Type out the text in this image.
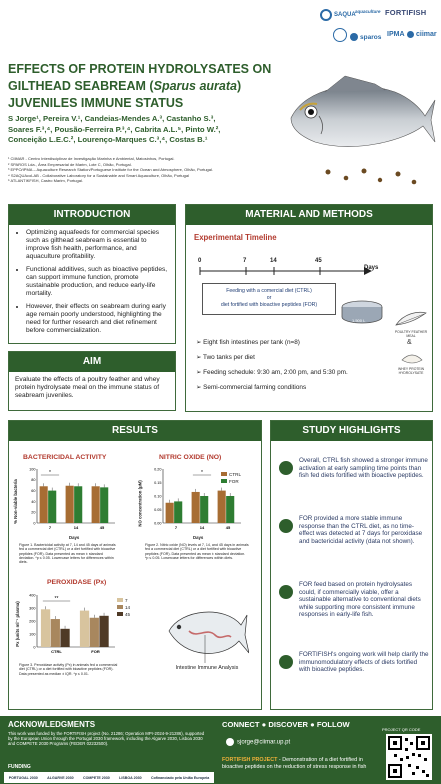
SAQUA
aquaculture FORTIFISH
sparos IPMA ciimar
EFFECTS OF PROTEIN HYDROLYSATES ON
GILTHEAD SEABREAM (Sparus aurata)
JUVENILES IMMUNE STATUS
S Jorge¹, Pereira V.¹, Candeias-Mendes A.³, Castanho S.³,
Soares F.³,⁴, Pousão-Ferreira P.³,⁴, Cabrita A.L.⁵, Pinto W.²,
Conceição L.E.C.², Lourenço-Marques C.³,⁴, Costas B.¹
¹ CIIMAR - Centro Interdisciplinar de Investigação Marinha e Ambiental, Matosinhos, Portugal.
² SPAROS Lda., Área Empresarial de Marim, Lote C, Olhão, Portugal.
³ EPPO/IPMA – Aquaculture Research Station/Portuguese Institute for the Ocean and Atmosphere, Olhão, Portugal.
⁴ S2AQUAcoLAB - Collaborative Laboratory for a Sustainable and Smart Aquaculture, Olhão, Portugal
⁵ ATLANTIKFISH, Castro Marim, Portugal.
INTRODUCTION
• Optimizing aquafeeds for commercial species such as gilthead seabream is essential to improve fish health, performance, and aquaculture profitability.
• Functional additives, such as bioactive peptides, can support immune function, promote sustainable production, and reduce early-life mortality.
• However, their effects on seabream during early age remain poorly understood, highlighting the need for further research and diet refinement before commercialization.
AIM
Evaluate the effects of a poultry feather and whey protein hydrolysate meal on the immune status of seabream juveniles.
MATERIAL AND METHODS
Experimental Timeline
0	7	14	45
Days
Feeding with a comercial diet (CTRL)
or
diet fortified with bioactive peptides (FOR)
1,500 L
POULTRY FEATHER MEAL
&
WHEY PROTEIN HYDROLYSATE
➢ Eight fish intestines per tank (n=8)
➢ Two tanks per diet
➢ Feeding schedule: 9:30 am, 2:00 pm, and 5:30 pm.
➢ Semi-commercial farming conditions
RESULTS
BACTERICIDAL ACTIVITY
% Non-viable bacteria
100
80
60
40
20
0
7	14	45
*
Days
Figure 1. Bactericidal activity at 7, 14 and 45 days of animals fed a commercial diet (CTRL) or a diet fortified with bioactive peptides (FOR). Data presented as mean ± standard deviation. *p ≤ 0.05. Lowercase letters for differences within diets.
NITRIC OXIDE (NO)
NO concentration (μM)
0.20
0.15
0.10
0.05
0.00
7	14	45
*
Days
Figure 2. Nitric oxide (NO) levels at 7, 14, and 45 days in animals fed a commercial diet (CTRL) or a diet fortified with bioactive peptides (FOR). Data presented as mean ± standard deviation. *p ≤ 0.05. Lowercase letters for differences within diets.
CTRL
FOR
PEROXIDASE (Px)
Px (units ml⁻¹ plasma)
400
300
200
100
0
CTRL	FOR
**	7
14
45
Figure 3. Peroxidase activity (Px) in animals fed a commercial diet (CTRL) or a diet fortified with bioactive peptides (FOR). Data presented as median ± IQR. *p ≤ 0.01.
Intestine Immune Analysis
STUDY HIGHLIGHTS
Overall, CTRL fish showed a stronger immune activation at early sampling time points than fish fed diets fortified with bioactive peptides.
FOR provided a more stable immune response than the CTRL diet, as no time-effect was detected at 7 days for peroxidase and bactericidal activity (data not shown).
FOR feed based on protein hydrolysates could, if commercially viable, offer a sustainable alternative to conventional diets while supporting more consistent immune responses in early-life fish.
FORTIFISH's ongoing work will help clarify the immunomodulatory effects of diets fortified with bioactive peptides.
ACKNOWLEDGMENTS
This work was funded by the FORTIFISH project (No. 21286; Operation MPr-2024-9-21286), supported by the European Union through the Portugal 2030 framework, including the Algarve 2030, Lisboa 2030 and COMPETE 2030 Programs (FEDER 02232500).
FUNDING
PORTUGAL 2030	ALGARVE 2030	COMPETE 2030	LISBOA 2030	Cofinanciado pela União Europeia
CONNECT ● DISCOVER ● FOLLOW
PROJECT QR CODE
sjorge@ciimar.up.pt
FORTIFISH PROJECT - Demonstration of a diet fortified in bioactive peptides on the reduction of stress response in fish
